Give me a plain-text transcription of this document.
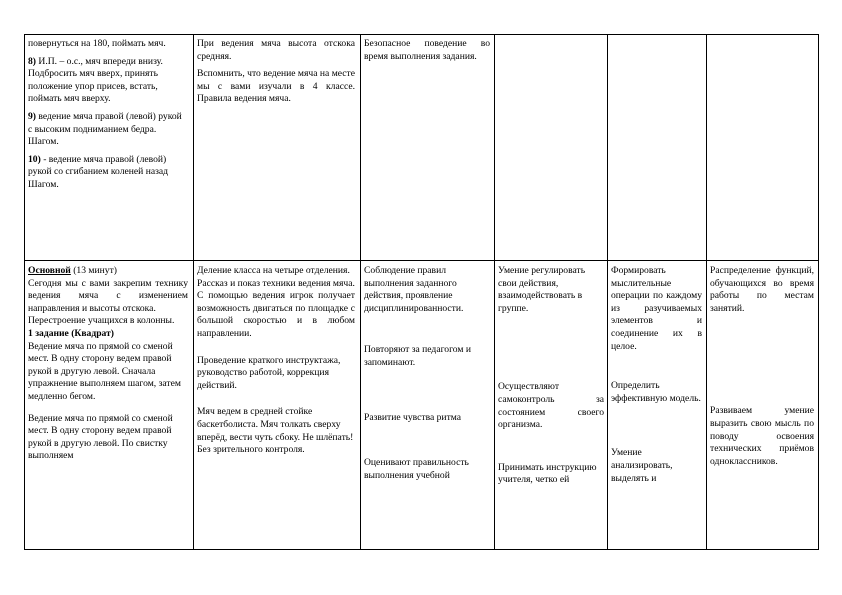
повернуться на 180, поймать мяч.

8) И.П. – о.с., мяч впереди внизу. Подбросить мяч вверх, принять положение упор присев, встать, поймать мяч вверху.

9) ведение мяча правой (левой) рукой с высоким подниманием бедра. Шагом.

10) - ведение мяча правой (левой) рукой со сгибанием коленей назад Шагом.

При ведения мяча высота отскока средняя.

Вспомнить, что ведение мяча на месте мы с вами изучали в 4 классе. Правила ведения мяча.

Безопасное поведение во время выполнения задания.

Основной (13 минут)

Сегодня мы с вами закрепим технику ведения мяча с изменением направления и высоты отскока.

Перестроение учащихся в колонны.

1 задание (Квадрат)

Ведение мяча по прямой со сменой мест. В одну сторону ведем правой рукой в другую левой. Сначала упражнение выполняем шагом, затем медленно бегом.

Ведение мяча по прямой со сменой мест. В одну сторону ведем правой рукой в другую левой. По свистку выполняем

Деление класса на четыре отделения.

Рассказ и показ техники ведения мяча.

С помощью ведения игрок получает возможность двигаться по площадке с большой скоростью и в любом направлении.

Проведение краткого инструктажа, руководство работой, коррекция действий.

Мяч ведем в средней стойке баскетболиста. Мяч толкать сверху вперёд, вести чуть сбоку. Не шлёпать! Без зрительного контроля.

Соблюдение правил выполнения заданного действия, проявление дисциплинированности.

Повторяют за педагогом и запоминают.

Развитие чувства ритма

Оценивают правильность выполнения учебной

Умение регулировать свои действия, взаимодействовать в группе.

Осуществляют самоконтроль за состоянием своего организма.

Принимать инструкцию учителя, четко ей

Формировать мыслительные операции по каждому из разучиваемых элементов и соединение их в целое.

Определить эффективную модель.

Умение анализировать, выделять и

Распределение функций, обучающихся во время работы по местам занятий.

Развиваем умение выразить свою мысль по поводу освоения технических приёмов одноклассников.
